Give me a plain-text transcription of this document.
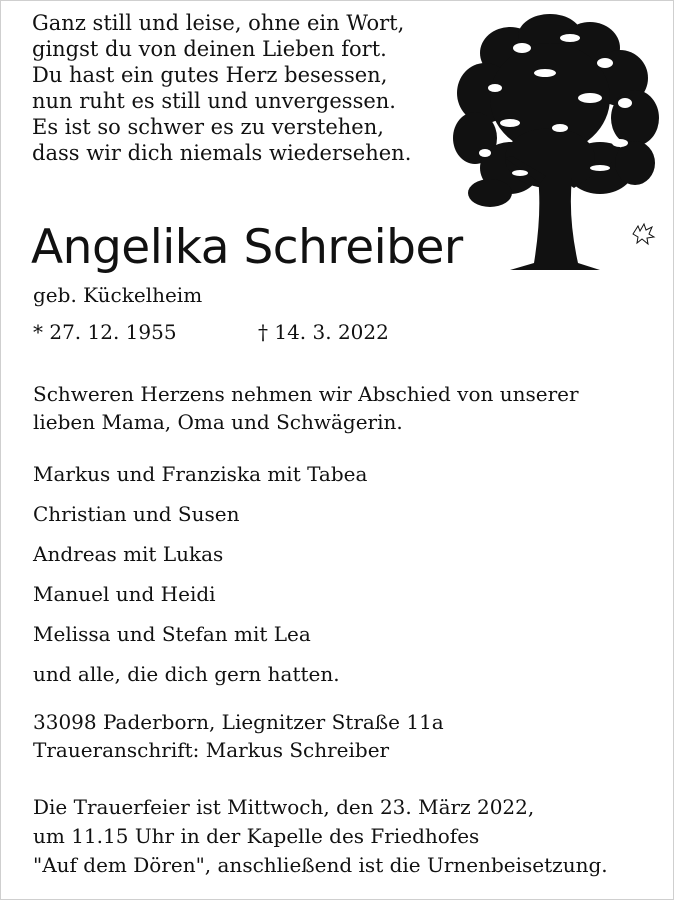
Ganz still und leise, ohne ein Wort,
gingst du von deinen Lieben fort.
Du hast ein gutes Herz besessen,
nun ruht es still und unvergessen.
Es ist so schwer es zu verstehen,
dass wir dich niemals wiedersehen.
Angelika Schreiber
geb. Kückelheim
* 27. 12. 1955	† 14. 3. 2022
Schweren Herzens nehmen wir Abschied von unserer
lieben Mama, Oma und Schwägerin.
Markus und Franziska mit Tabea
Christian und Susen
Andreas mit Lukas
Manuel und Heidi
Melissa und Stefan mit Lea
und alle, die dich gern hatten.
33098 Paderborn, Liegnitzer Straße 11a
Traueranschrift: Markus Schreiber
Die Trauerfeier ist Mittwoch, den 23. März 2022,
um 11.15 Uhr in der Kapelle des Friedhofes
"Auf dem Dören", anschließend ist die Urnenbeisetzung.
